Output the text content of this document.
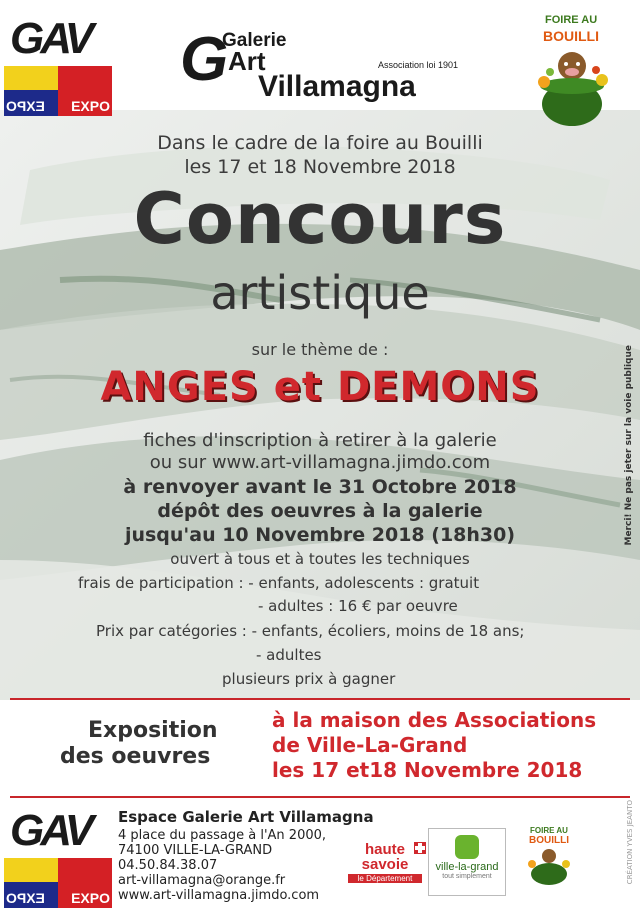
GAV
EXPO EXPO
Galerie
G Art
Villamagna
Association loi 1901
FOIRE AU
BOUILLI
Dans le cadre de la foire au Bouilli
les 17 et 18 Novembre 2018
Concours
artistique
sur le thème de :
ANGES et DEMONS
fiches d'inscription à retirer à la galerie
ou sur www.art-villamagna.jimdo.com
à renvoyer avant le 31 Octobre 2018
dépôt des oeuvres à la galerie
jusqu'au 10 Novembre 2018 (18h30)
ouvert à tous et à toutes les techniques
frais de participation : - enfants, adolescents : gratuit
- adultes : 16 € par oeuvre
Prix par catégories : - enfants, écoliers, moins de 18 ans;
- adultes
plusieurs prix à gagner
Merci! Ne pas jeter sur la voie publique
Exposition
des oeuvres
à la maison des Associations
de Ville-La-Grand
les 17 et18 Novembre 2018
GAV
EXPO EXPO
Espace Galerie Art Villamagna
4 place du passage à l'An 2000,
74100 VILLE-LA-GRAND
04.50.84.38.07
art-villamagna@orange.fr
www.art-villamagna.jimdo.com
haute
savoie
le Département
ville-la-grand
tout simplement
FOIRE AU
BOUILLI	CRÉATION YVES JEANTO
